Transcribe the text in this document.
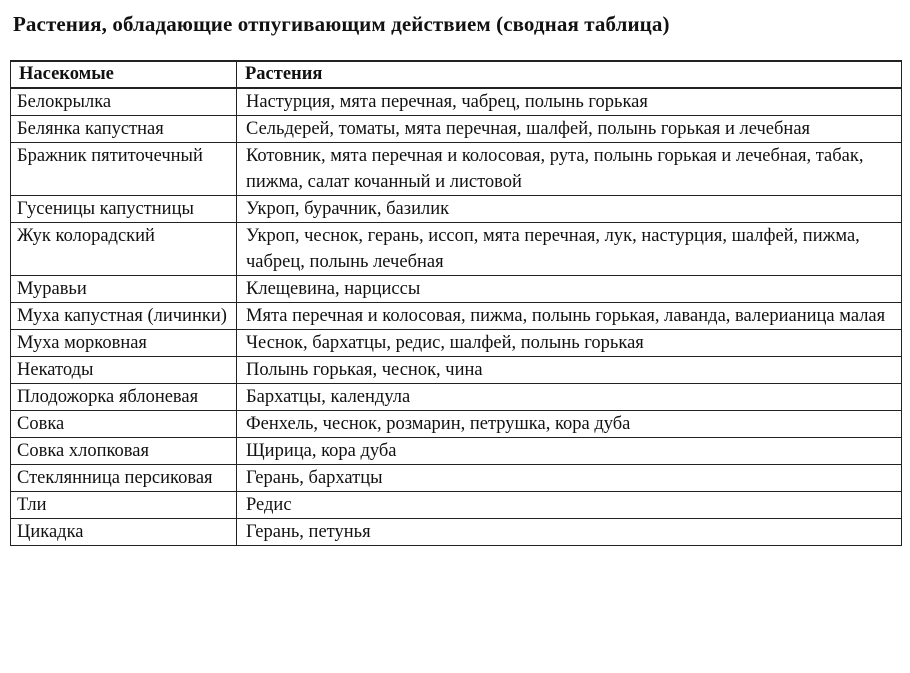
Растения, обладающие отпугивающим действием (сводная таблица)
Насекомые	Растения
Белокрылка	Настурция, мята перечная, чабрец, полынь горькая
Белянка капустная	Сельдерей, томаты, мята перечная, шалфей, полынь горькая и лечебная
Бражник пятиточечный	Котовник, мята перечная и колосовая, рута, полынь горькая и лечебная, табак, пижма, салат кочанный и листовой
Гусеницы капустницы	Укроп, бурачник, базилик
Жук колорадский	Укроп, чеснок, герань, иссоп, мята перечная, лук, настурция, шалфей, пижма, чабрец, полынь лечебная
Муравьи	Клещевина, нарциссы
Муха капустная (личинки)	Мята перечная и колосовая, пижма, полынь горькая, лаванда, валерианица малая
Муха морковная	Чеснок, бархатцы, редис, шалфей, полынь горькая
Некатоды	Полынь горькая, чеснок, чина
Плодожорка яблоневая	Бархатцы, календула
Совка	Фенхель, чеснок, розмарин, петрушка, кора дуба
Совка хлопковая	Щирица, кора дуба
Стеклянница персиковая	Герань, бархатцы
Тли	Редис
Цикадка	Герань, петунья
